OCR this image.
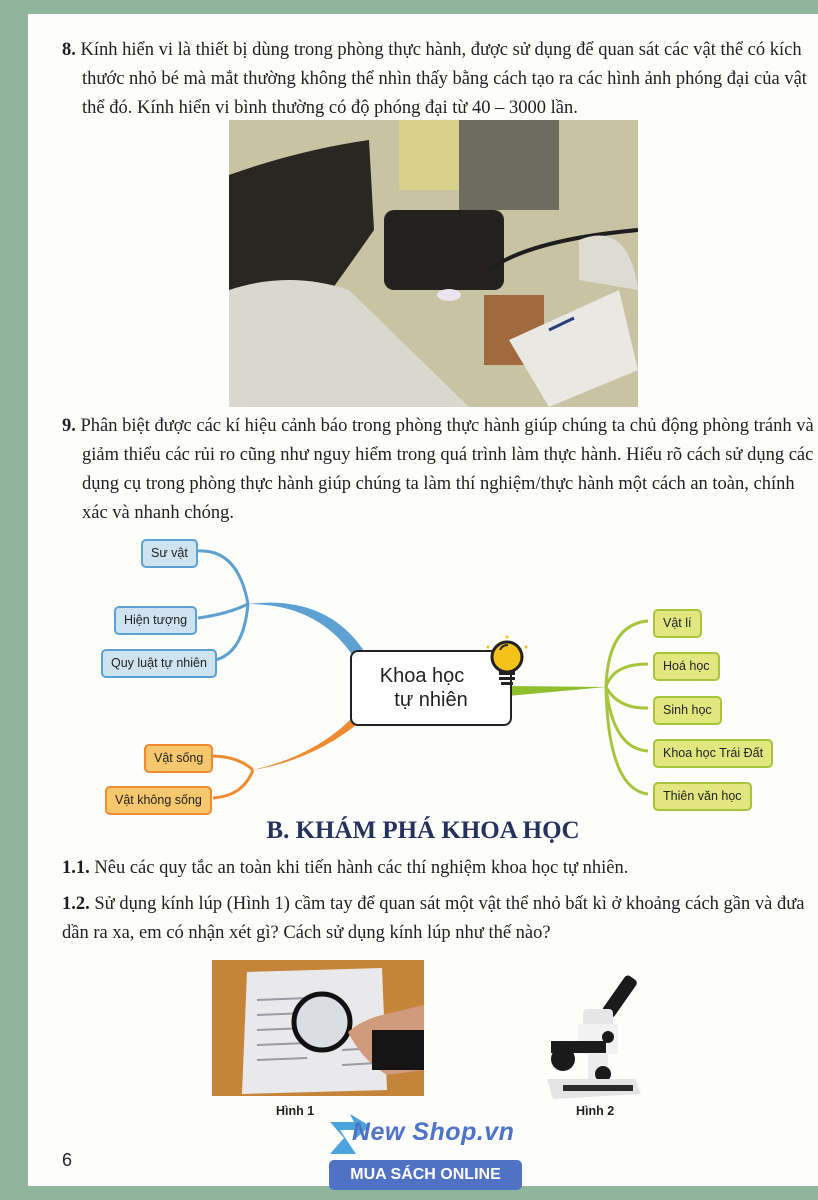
8. Kính hiển vi là thiết bị dùng trong phòng thực hành, được sử dụng để quan sát các vật thể có kích thước nhỏ bé mà mắt thường không thể nhìn thấy bằng cách tạo ra các hình ảnh phóng đại của vật thể đó. Kính hiển vi bình thường có độ phóng đại từ 40 – 3000 lần.
9. Phân biệt được các kí hiệu cảnh báo trong phòng thực hành giúp chúng ta chủ động phòng tránh và giảm thiểu các rủi ro cũng như nguy hiểm trong quá trình làm thực hành. Hiểu rõ cách sử dụng các dụng cụ trong phòng thực hành giúp chúng ta làm thí nghiệm/thực hành một cách an toàn, chính xác và nhanh chóng.
Sư vật
Hiện tượng
Quy luật tự nhiên
Vật sống
Vật không sống
Khoa học
tự nhiên
Vật lí
Hoá học
Sinh học
Khoa học Trái Đất
Thiên văn học
B. KHÁM PHÁ KHOA HỌC
1.1. Nêu các quy tắc an toàn khi tiến hành các thí nghiệm khoa học tự nhiên.
1.2. Sử dụng kính lúp (Hình 1) cầm tay để quan sát một vật thể nhỏ bất kì ở khoảng cách gần và đưa dần ra xa, em có nhận xét gì? Cách sử dụng kính lúp như thế nào?
Hình 1	Hình 2
6
New Shop.vn
MUA SÁCH ONLINE
